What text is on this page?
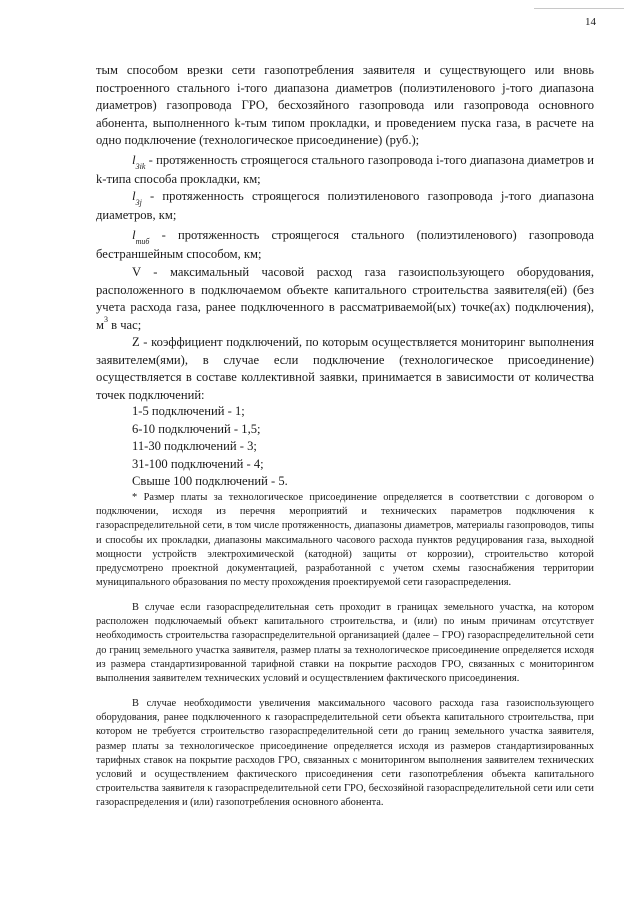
14

тым способом врезки сети газопотребления заявителя и существующего или вновь построенного стального i-того диапазона диаметров (полиэтиленового j-того диапазона диаметров) газопровода ГРО, бесхозяйного газопровода или газопровода основного абонента, выполненного k-тым типом прокладки, и проведением пуска газа, в расчете на одно подключение (технологическое присоединение) (руб.);

$l_{3ik}$ - протяженность строящегося стального газопровода i-того диапазона диаметров и k-типа способа прокладки, км;

$l_{3j}$ - протяженность строящегося полиэтиленового газопровода j-того диапазона диаметров, км;

$l_{тиб}$ - протяженность строящегося стального (полиэтиленового) газопровода бестраншейным способом, км;

V - максимальный часовой расход газа газоиспользующего оборудования, расположенного в подключаемом объекте капитального строительства заявителя(ей) (без учета расхода газа, ранее подключенного в рассматриваемой(ых) точке(ах) подключения), $м^3$ в час;

Z - коэффициент подключений, по которым осуществляется мониторинг выполнения заявителем(ями), в случае если подключение (технологическое присоединение) осуществляется в составе коллективной заявки, принимается в зависимости от количества точек подключений:

1-5 подключений - 1;
6-10 подключений - 1,5;
11-30 подключений - 3;
31-100 подключений - 4;
Свыше 100 подключений - 5.

* Размер платы за технологическое присоединение определяется в соответствии с договором о подключении, исходя из перечня мероприятий и технических параметров подключения к газораспределительной сети, в том числе протяженность, диапазоны диаметров, материалы газопроводов, типы и способы их прокладки, диапазоны максимального часового расхода пунктов редуцирования газа, выходной мощности устройств электрохимической (катодной) защиты от коррозии), строительство которой предусмотрено проектной документацией, разработанной с учетом схемы газоснабжения территории муниципального образования по месту прохождения проектируемой сети газораспределения.

В случае если газораспределительная сеть проходит в границах земельного участка, на котором расположен подключаемый объект капитального строительства, и (или) по иным причинам отсутствует необходимость строительства газораспределительной организацией (далее – ГРО) газораспределительной сети до границ земельного участка заявителя, размер платы за технологическое присоединение определяется исходя из размера стандартизированной тарифной ставки на покрытие расходов ГРО, связанных с мониторингом выполнения заявителем технических условий и осуществлением фактического присоединения.

В случае необходимости увеличения максимального часового расхода газа газоиспользующего оборудования, ранее подключенного к газораспределительной сети объекта капитального строительства, при котором не требуется строительство газораспределительной сети до границ земельного участка заявителя, размер платы за технологическое присоединение определяется исходя из размеров стандартизированных тарифных ставок на покрытие расходов ГРО, связанных с мониторингом выполнения заявителем технических условий и осуществлением фактического присоединения сети газопотребления объекта капитального строительства заявителя к газораспределительной сети ГРО, бесхозяйной газораспределительной сети или сети газораспределения и (или) газопотребления основного абонента.
